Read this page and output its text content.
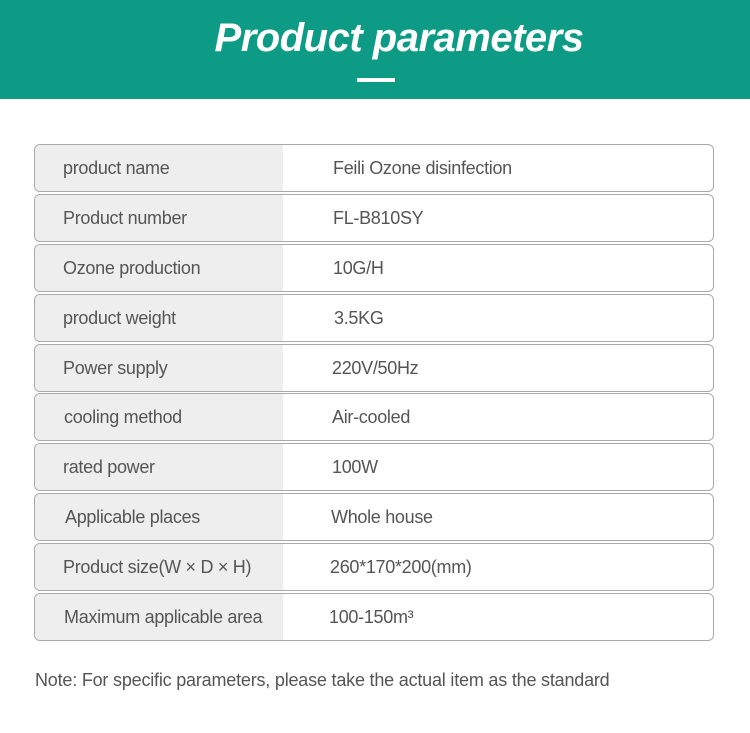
Product parameters
product name	Feili Ozone disinfection
Product number	FL-B810SY
Ozone production	10G/H
product weight	3.5KG
Power supply	220V/50Hz
cooling method	Air-cooled
rated power	100W
Applicable places	Whole house
Product size(W × D × H)	260*170*200(mm)
Maximum applicable area	100-150m³
Note: For specific parameters, please take the actual item as the standard
